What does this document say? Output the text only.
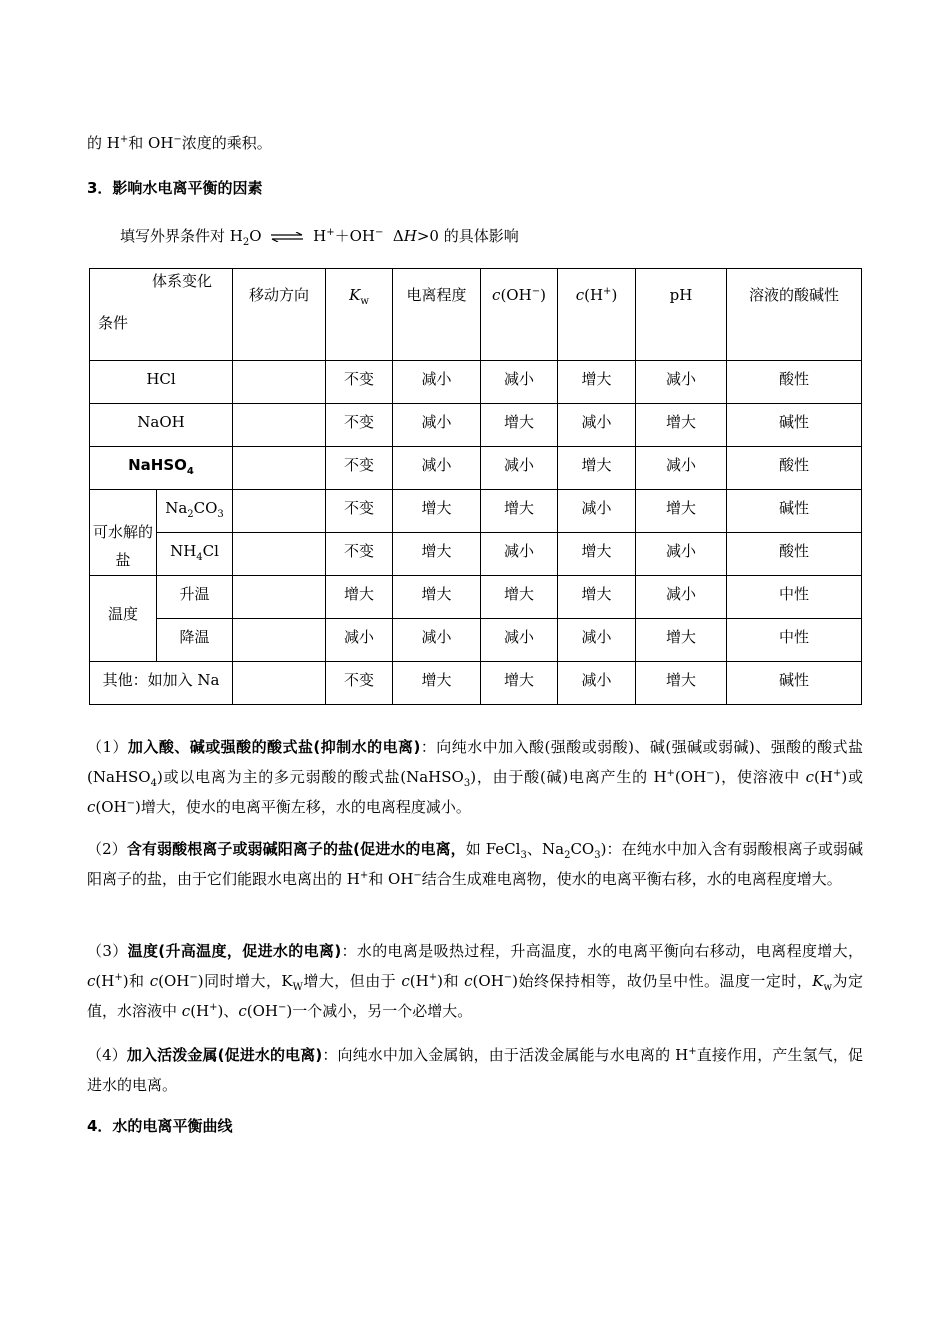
的 H+和 OH−浓度的乘积。
3．影响水电离平衡的因素
填写外界条件对 $H_2O$ ⇌ H+＋OH− ΔH>0 的具体影响
体系变化
条件		移动方向	$K_w$	电离程度	c(OH−)	c(H+)	pH	溶液的酸碱性
HCl			不变	减小	减小	增大	减小	酸性
NaOH			不变	减小	增大	减小	增大	碱性
NaHSO$_4$			不变	减小	减小	增大	减小	酸性
可水解的盐	$Na_2CO_3$		不变	增大	增大	减小	增大	碱性
	$NH_4Cl$		不变	增大	减小	增大	减小	酸性
温度	升温		增大	增大	增大	增大	减小	中性
	降温		减小	减小	减小	减小	增大	中性
其他：如加入 Na			不变	增大	增大	减小	增大	碱性
（1）加入酸、碱或强酸的酸式盐(抑制水的电离)：向纯水中加入酸(强酸或弱酸)、碱(强碱或弱碱)、强酸的酸式盐(NaHSO$_4$)或以电离为主的多元弱酸的酸式盐(NaHSO$_3$)，由于酸(碱)电离产生的 H+(OH−)，使溶液中 c(H+)或 c(OH−)增大，使水的电离平衡左移，水的电离程度减小。
（2）含有弱酸根离子或弱碱阳离子的盐(促进水的电离，如 FeCl$_3$、$Na_2CO_3$)：在纯水中加入含有弱酸根离子或弱碱阳离子的盐，由于它们能跟水电离出的 H+和 OH−结合生成难电离物，使水的电离平衡右移，水的电离程度增大。
（3）温度(升高温度，促进水的电离)：水的电离是吸热过程，升高温度，水的电离平衡向右移动，电离程度增大，c(H+)和 c(OH−)同时增大，$K_W$增大，但由于 c(H+)和 c(OH−)始终保持相等，故仍呈中性。温度一定时，$K_w$为定值，水溶液中 c(H+)、c(OH−)一个减小，另一个必增大。
（4）加入活泼金属(促进水的电离)：向纯水中加入金属钠，由于活泼金属能与水电离的 H+直接作用，产生氢气，促进水的电离。
4．水的电离平衡曲线
